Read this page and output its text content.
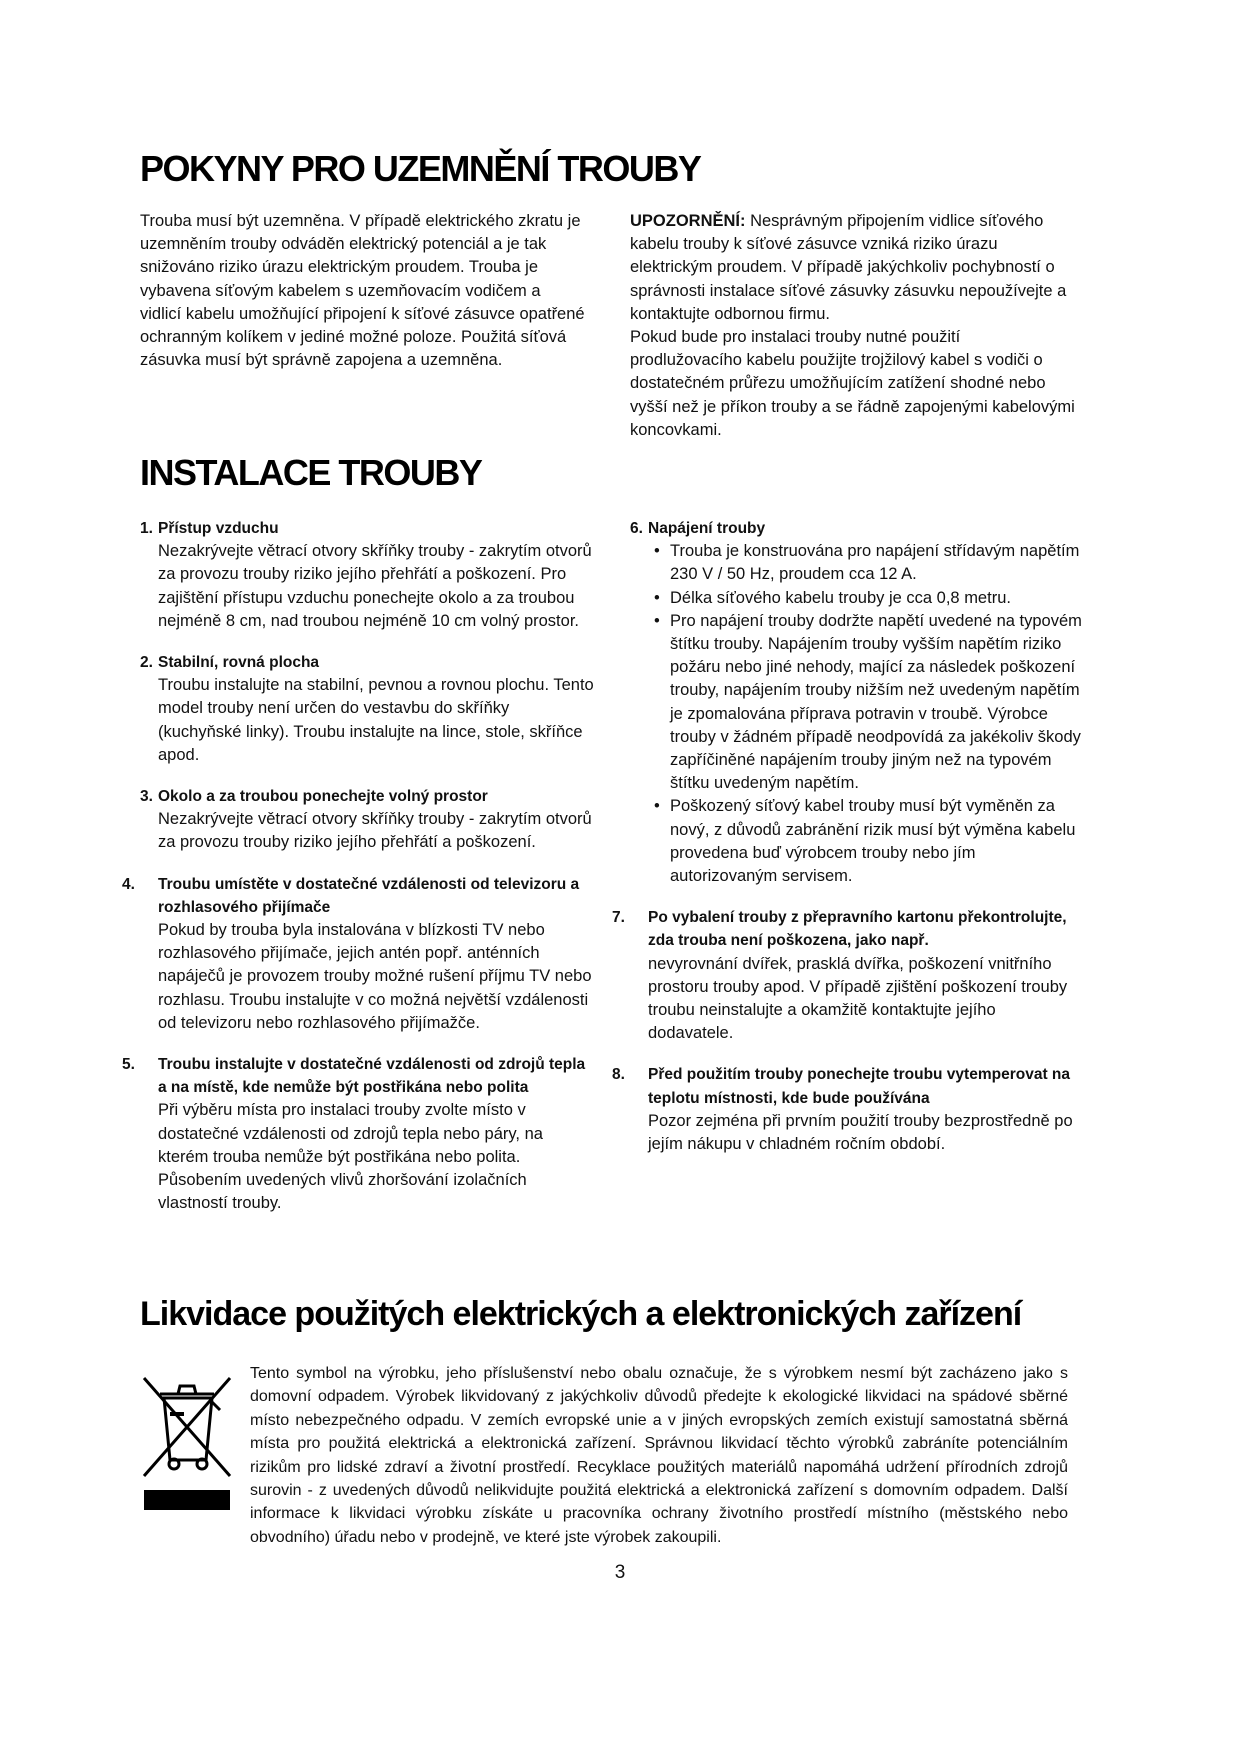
POKYNY PRO UZEMNĚNÍ TROUBY

Trouba musí být uzemněna. V případě elektrického zkratu je uzemněním trouby odváděn elektrický potenciál a je tak snižováno riziko úrazu elektrickým proudem. Trouba je vybavena síťovým kabelem s uzemňovacím vodičem a vidlicí kabelu umožňující připojení k síťové zásuvce opatřené ochranným kolíkem v jediné možné poloze. Použitá síťová zásuvka musí být správně zapojena a uzemněna.

UPOZORNĚNÍ: Nesprávným připojením vidlice síťového kabelu trouby k síťové zásuvce vzniká riziko úrazu elektrickým proudem. V případě jakýchkoliv pochybností o správnosti instalace síťové zásuvky zásuvku nepoužívejte a kontaktujte odbornou firmu.

Pokud bude pro instalaci trouby nutné použití prodlužovacího kabelu použijte trojžilový kabel s vodiči o dostatečném průřezu umožňujícím zatížení shodné nebo vyšší než je příkon trouby a se řádně zapojenými kabelovými koncovkami.

INSTALACE TROUBY
1. Přístup vzduchu
Nezakrývejte větrací otvory skříňky trouby - zakrytím otvorů za provozu trouby riziko jejího přehřátí a poškození. Pro zajištění přístupu vzduchu ponechejte okolo a za troubou nejméně 8 cm, nad troubou nejméně 10 cm volný prostor.
2. Stabilní, rovná plocha
Troubu instalujte na stabilní, pevnou a rovnou plochu. Tento model trouby není určen do vestavbu do skříňky (kuchyňské linky). Troubu instalujte na lince, stole, skříňce apod.
3. Okolo a za troubou ponechejte volný prostor
Nezakrývejte větrací otvory skříňky trouby - zakrytím otvorů za provozu trouby riziko jejího přehřátí a poškození.
4. Troubu umístěte v dostatečné vzdálenosti od televizoru a rozhlasového přijímače
Pokud by trouba byla instalována v blízkosti TV nebo rozhlasového přijímače, jejich antén popř. anténních napáječů je provozem trouby možné rušení příjmu TV nebo rozhlasu. Troubu instalujte v co možná největší vzdálenosti od televizoru nebo rozhlasového přijímažče.
5. Troubu instalujte v dostatečné vzdálenosti od zdrojů tepla a na místě, kde nemůže být postřikána nebo polita
Při výběru místa pro instalaci trouby zvolte místo v dostatečné vzdálenosti od zdrojů tepla nebo páry, na kterém trouba nemůže být postřikána nebo polita. Působením uvedených vlivů zhoršování izolačních vlastností trouby.
6. Napájení trouby
• Trouba je konstruována pro napájení střídavým napětím 230 V / 50 Hz, proudem cca 12 A.
• Délka síťového kabelu trouby je cca 0,8 metru.
• Pro napájení trouby dodržte napětí uvedené na typovém štítku trouby. Napájením trouby vyšším napětím riziko požáru nebo jiné nehody, mající za následek poškození trouby, napájením trouby nižším než uvedeným napětím je zpomalována příprava potravin v troubě. Výrobce trouby v žádném případě neodpovídá za jakékoliv škody zapříčiněné napájením trouby jiným než na typovém štítku uvedeným napětím.
• Poškozený síťový kabel trouby musí být vyměněn za nový, z důvodů zabránění rizik musí být výměna kabelu provedena buď výrobcem trouby nebo jím autorizovaným servisem.
7. Po vybalení trouby z přepravního kartonu překontrolujte, zda trouba není poškozena, jako např.
nevyrovnání dvířek, prasklá dvířka, poškození vnitřního prostoru trouby apod. V případě zjištění poškození trouby troubu neinstalujte a okamžitě kontaktujte jejího dodavatele.
8. Před použitím trouby ponechejte troubu vytemperovat na teplotu místnosti, kde bude používána
Pozor zejména při prvním použití trouby bezprostředně po jejím nákupu v chladném ročním období.
Likvidace použitých elektrických a elektronických zařízení

Tento symbol na výrobku, jeho příslušenství nebo obalu označuje, že s výrobkem nesmí být zacházeno jako s domovní odpadem. Výrobek likvidovaný z jakýchkoliv důvodů předejte k ekologické likvidaci na spádové sběrné místo nebezpečného odpadu. V zemích evropské unie a v jiných evropských zemích existují samostatná sběrná místa pro použitá elektrická a elektronická zařízení. Správnou likvidací těchto výrobků zabráníte potenciálním rizikům pro lidské zdraví a životní prostředí. Recyklace použitých materiálů napomáhá udržení přírodních zdrojů surovin - z uvedených důvodů nelikvidujte použitá elektrická a elektronická zařízení s domovním odpadem. Další informace k likvidaci výrobku získáte u pracovníka ochrany životního prostředí místního (městského nebo obvodního) úřadu nebo v prodejně, ve které jste výrobek zakoupili.

3
